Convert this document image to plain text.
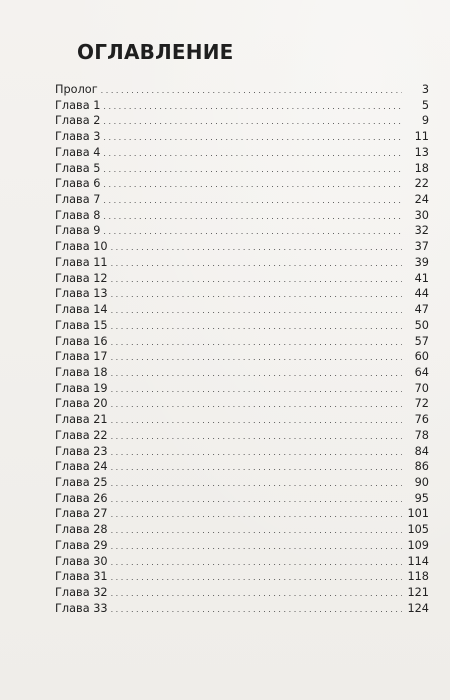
ОГЛАВЛЕНИЕ
Пролог . . .	3
Глава 1 . . .	5
Глава 2 . . .	9
Глава 3 . . .	11
Глава 4 . . .	13
Глава 5 . . .	18
Глава 6 . . .	22
Глава 7 . . .	24
Глава 8 . . .	30
Глава 9 . . .	32
Глава 10 . . .	37
Глава 11 . . .	39
Глава 12 . . .	41
Глава 13 . . .	44
Глава 14 . . .	47
Глава 15 . . .	50
Глава 16 . . .	57
Глава 17 . . .	60
Глава 18 . . .	64
Глава 19 . . .	70
Глава 20 . . .	72
Глава 21 . . .	76
Глава 22 . . .	78
Глава 23 . . .	84
Глава 24 . . .	86
Глава 25 . . .	90
Глава 26 . . .	95
Глава 27 . . .	101
Глава 28 . . .	105
Глава 29 . . .	109
Глава 30 . . .	114
Глава 31 . . .	118
Глава 32 . . .	121
Глава 33 . . .	124
